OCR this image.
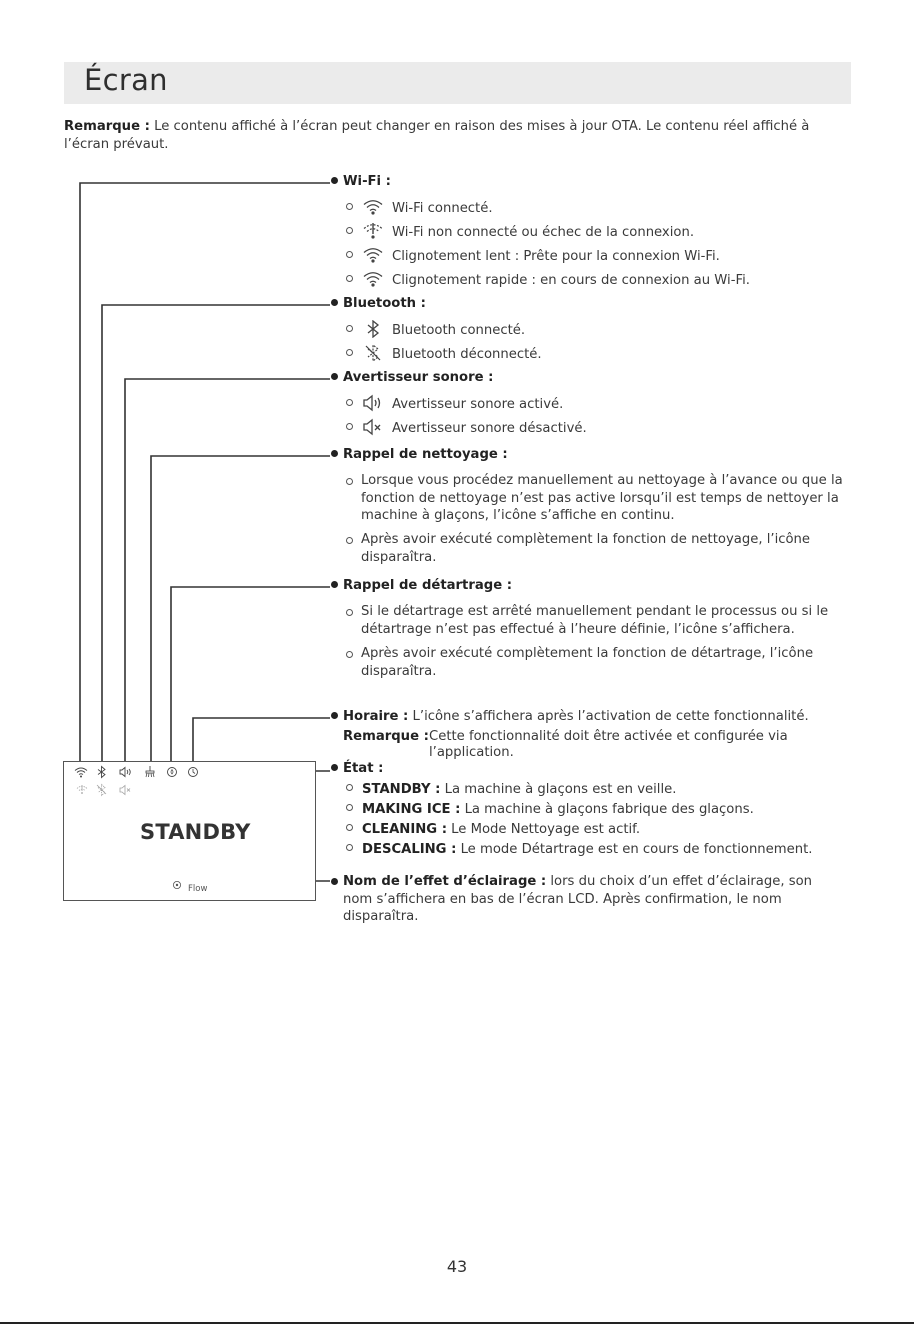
Écran
Remarque : Le contenu affiché à l’écran peut changer en raison des mises à jour OTA. Le contenu réel affiché à l’écran prévaut.
Wi-Fi :
Wi-Fi connecté.
Wi-Fi non connecté ou échec de la connexion.
Clignotement lent : Prête pour la connexion Wi-Fi.
Clignotement rapide : en cours de connexion au Wi-Fi.
Bluetooth :
Bluetooth connecté.
Bluetooth déconnecté.
Avertisseur sonore :
Avertisseur sonore activé.
Avertisseur sonore désactivé.
Rappel de nettoyage :
Lorsque vous procédez manuellement au nettoyage à l’avance ou que la fonction de nettoyage n’est pas active lorsqu’il est temps de nettoyer la machine à glaçons, l’icône s’affiche en continu.
Après avoir exécuté complètement la fonction de nettoyage, l’icône disparaîtra.
Rappel de détartrage :
Si le détartrage est arrêté manuellement pendant le processus ou si le détartrage n’est pas effectué à l’heure définie, l’icône s’affichera.
Après avoir exécuté complètement la fonction de détartrage, l’icône disparaîtra.
Horaire : L’icône s’affichera après l’activation de cette fonctionnalité.
Remarque : Cette fonctionnalité doit être activée et configurée via l’application.
État :
STANDBY : La machine à glaçons est en veille.
MAKING ICE : La machine à glaçons fabrique des glaçons.
CLEANING : Le Mode Nettoyage est actif.
DESCALING : Le mode Détartrage est en cours de fonctionnement.
Nom de l’effet d’éclairage : lors du choix d’un effet d’éclairage, son nom s’affichera en bas de l’écran LCD. Après confirmation, le nom disparaîtra.
STANDBY
Flow
43
